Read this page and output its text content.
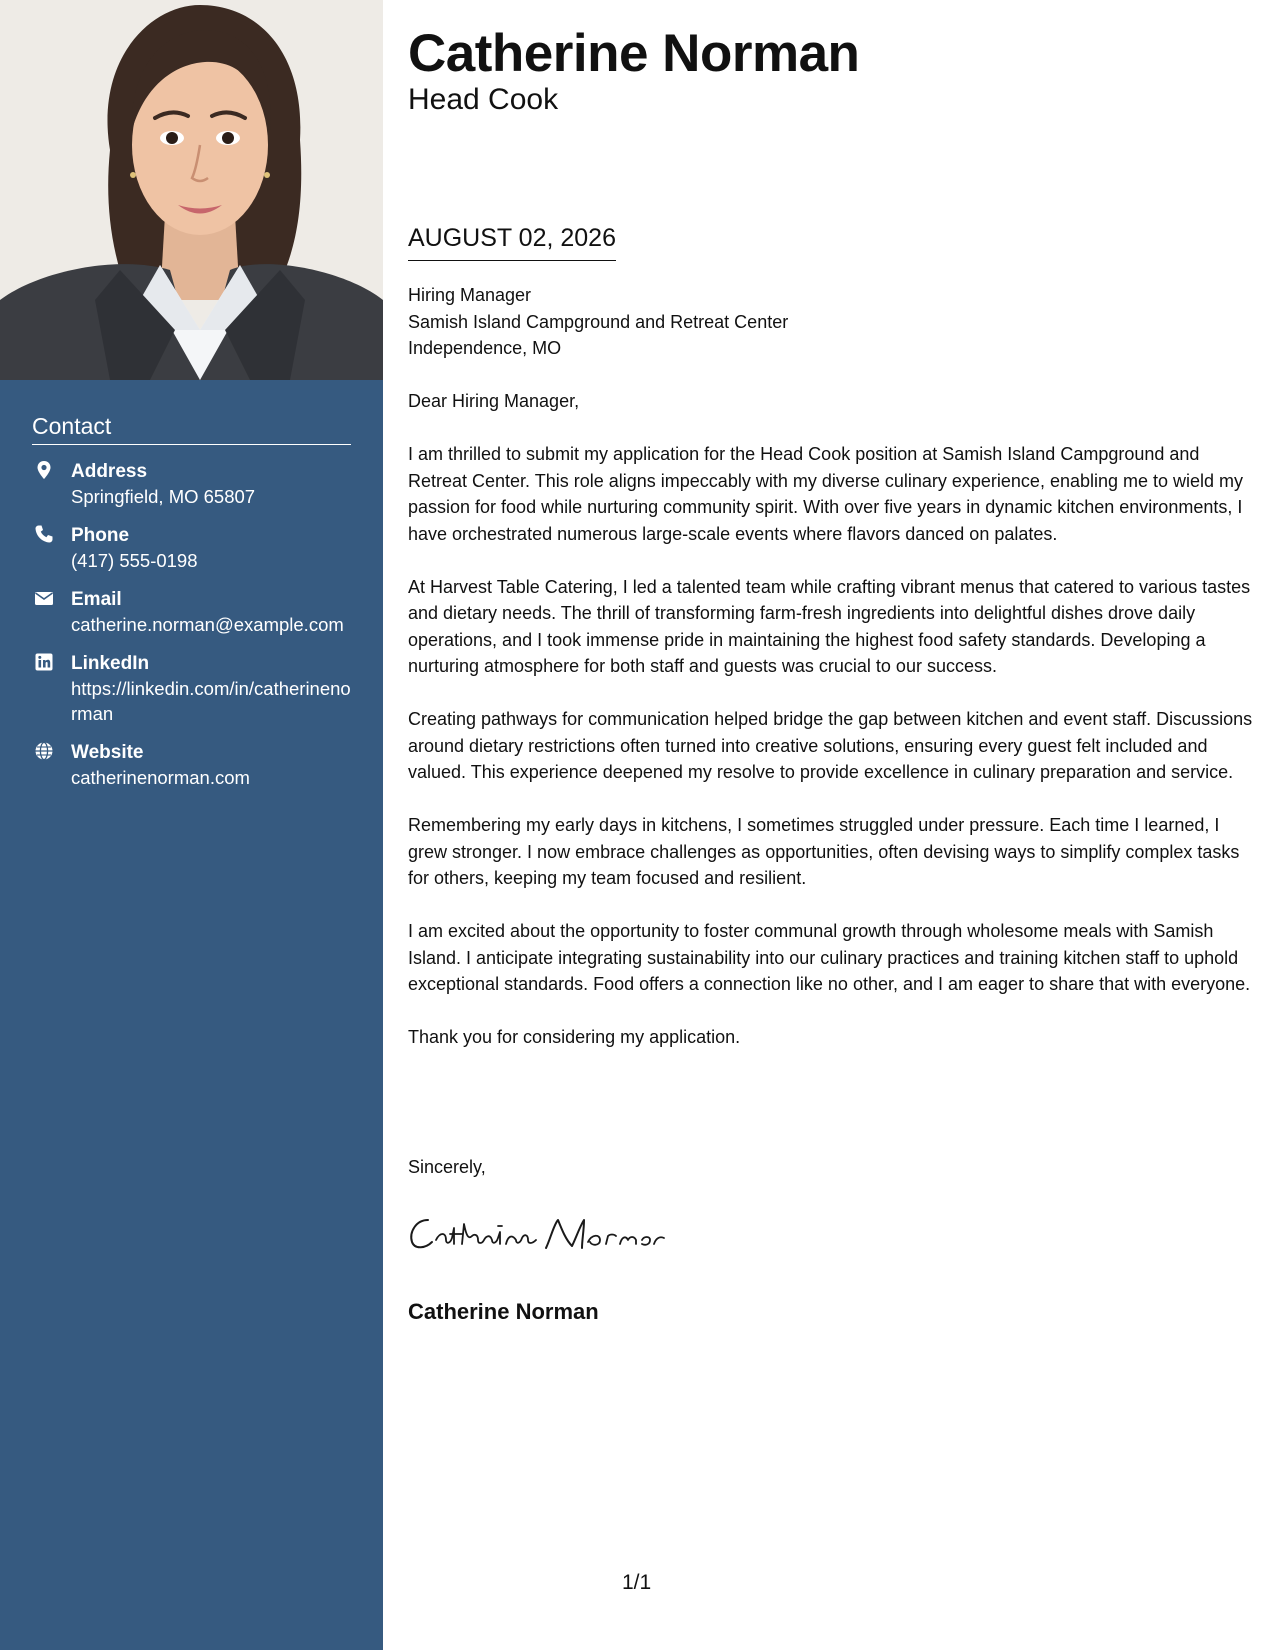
Contact
Address
Springfield, MO 65807
Phone
(417) 555-0198
Email
catherine.norman@example.com
LinkedIn
https://linkedin.com/in/catherinenorman
Website
catherinenorman.com
Catherine Norman
Head Cook
AUGUST 02, 2026

Hiring Manager

Samish Island Campground and Retreat Center

Independence, MO

Dear Hiring Manager,

I am thrilled to submit my application for the Head Cook position at Samish Island Campground and Retreat Center. This role aligns impeccably with my diverse culinary experience, enabling me to wield my passion for food while nurturing community spirit. With over five years in dynamic kitchen environments, I have orchestrated numerous large-scale events where flavors danced on palates.

At Harvest Table Catering, I led a talented team while crafting vibrant menus that catered to various tastes and dietary needs. The thrill of transforming farm-fresh ingredients into delightful dishes drove daily operations, and I took immense pride in maintaining the highest food safety standards. Developing a nurturing atmosphere for both staff and guests was crucial to our success.

Creating pathways for communication helped bridge the gap between kitchen and event staff. Discussions around dietary restrictions often turned into creative solutions, ensuring every guest felt included and valued. This experience deepened my resolve to provide excellence in culinary preparation and service.

Remembering my early days in kitchens, I sometimes struggled under pressure. Each time I learned, I grew stronger. I now embrace challenges as opportunities, often devising ways to simplify complex tasks for others, keeping my team focused and resilient.

I am excited about the opportunity to foster communal growth through wholesome meals with Samish Island. I anticipate integrating sustainability into our culinary practices and training kitchen staff to uphold exceptional standards. Food offers a connection like no other, and I am eager to share that with everyone.

Thank you for considering my application.

Sincerely,
Catherine Norman
1/1
